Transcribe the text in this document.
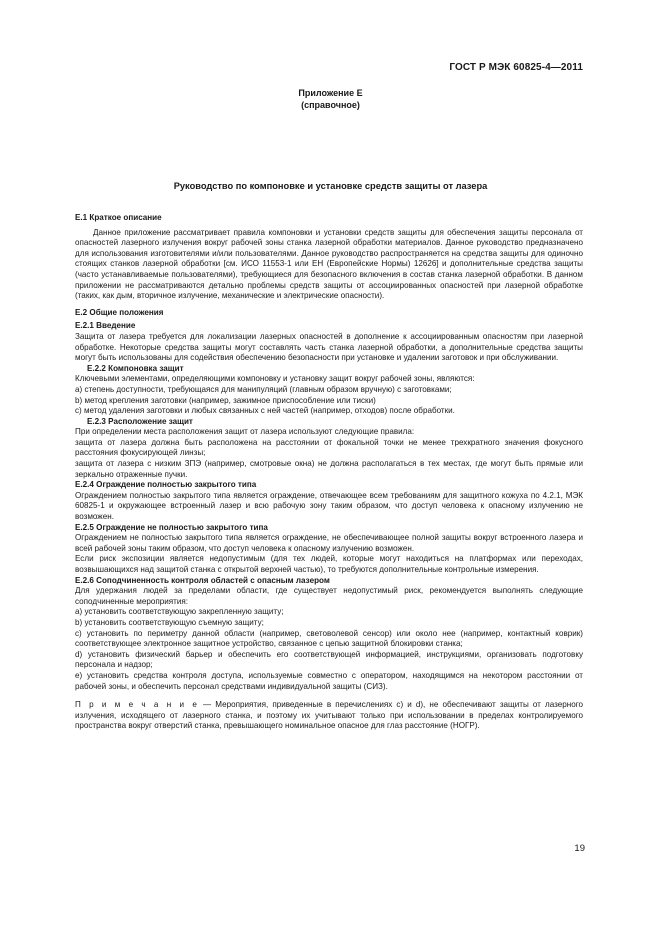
ГОСТ Р МЭК 60825-4—2011
Приложение Е
(справочное)
Руководство по компоновке и установке средств защиты от лазера

Е.1 Краткое описание

Данное приложение рассматривает правила компоновки и установки средств защиты для обеспечения защиты персонала от опасностей лазерного излучения вокруг рабочей зоны станка лазерной обработки материалов. Данное руководство предназначено для использования изготовителями и/или пользователями. Данное руководство распространяется на средства защиты для одиночно стоящих станков лазерной обработки [см. ИСО 11553-1 или ЕН (Европейские Нормы) 12626] и дополнительные средства защиты (часто устанавливаемые пользователями), требующиеся для безопасного включения в состав станка лазерной обработки. В данном приложении не рассматриваются детально проблемы средств защиты от ассоциированных опасностей при лазерной обработке (таких, как дым, вторичное излучение, механические и электрические опасности).

Е.2 Общие положения

Е.2.1 Введение

Защита от лазера требуется для локализации лазерных опасностей в дополнение к ассоциированным опасностям при лазерной обработке. Некоторые средства защиты могут составлять часть станка лазерной обработки, а дополнительные средства защиты могут быть использованы для содействия обеспечению безопасности при установке и удалении заготовок и при обслуживании.

Е.2.2 Компоновка защит

Ключевыми элементами, определяющими компоновку и установку защит вокруг рабочей зоны, являются:

а) степень доступности, требующаяся для манипуляций (главным образом вручную) с заготовками;

b) метод крепления заготовки (например, зажимное приспособление или тиски)

с) метод удаления заготовки и любых связанных с ней частей (например, отходов) после обработки.

Е.2.3 Расположение защит

При определении места расположения защит от лазера используют следующие правила:

защита от лазера должна быть расположена на расстоянии от фокальной точки не менее трехкратного значения фокусного расстояния фокусирующей линзы;

защита от лазера с низким ЗПЭ (например, смотровые окна) не должна располагаться в тех местах, где могут быть прямые или зеркально отраженные пучки.

Е.2.4 Ограждение полностью закрытого типа

Ограждением полностью закрытого типа является ограждение, отвечающее всем требованиям для защитного кожуха по 4.2.1, МЭК 60825-1 и окружающее встроенный лазер и всю рабочую зону таким образом, что доступ человека к опасному излучению не возможен.

Е.2.5 Ограждение не полностью закрытого типа

Ограждением не полностью закрытого типа является ограждение, не обеспечивающее полной защиты вокруг встроенного лазера и всей рабочей зоны таким образом, что доступ человека к опасному излучению возможен.

Если риск экспозиции является недопустимым (для тех людей, которые могут находиться на платформах или переходах, возвышающихся над защитой станка с открытой верхней частью), то требуются дополнительные контрольные измерения.

Е.2.6 Соподчиненность контроля областей с опасным лазером

Для удержания людей за пределами области, где существует недопустимый риск, рекомендуется выполнять следующие соподчиненные мероприятия:

а) установить соответствующую закрепленную защиту;

b) установить соответствующую съемную защиту;

с) установить по периметру данной области (например, световолевой сенсор) или около нее (например, контактный коврик) соответствующее электронное защитное устройство, связанное с цепью защитной блокировки станка;

d) установить физический барьер и обеспечить его соответствующей информацией, инструкциями, организовать подготовку персонала и надзор;

е) установить средства контроля доступа, используемые совместно с оператором, находящимся на некотором расстоянии от рабочей зоны, и обеспечить персонал средствами индивидуальной защиты (СИЗ).

П р и м е ч а н и е — Мероприятия, приведенные в перечислениях с) и d), не обеспечивают защиты от лазерного излучения, исходящего от лазерного станка, и поэтому их учитывают только при использовании в пределах контролируемого пространства вокруг отверстий станка, превышающего номинальное опасное для глаз расстояние (НОГР).

19
